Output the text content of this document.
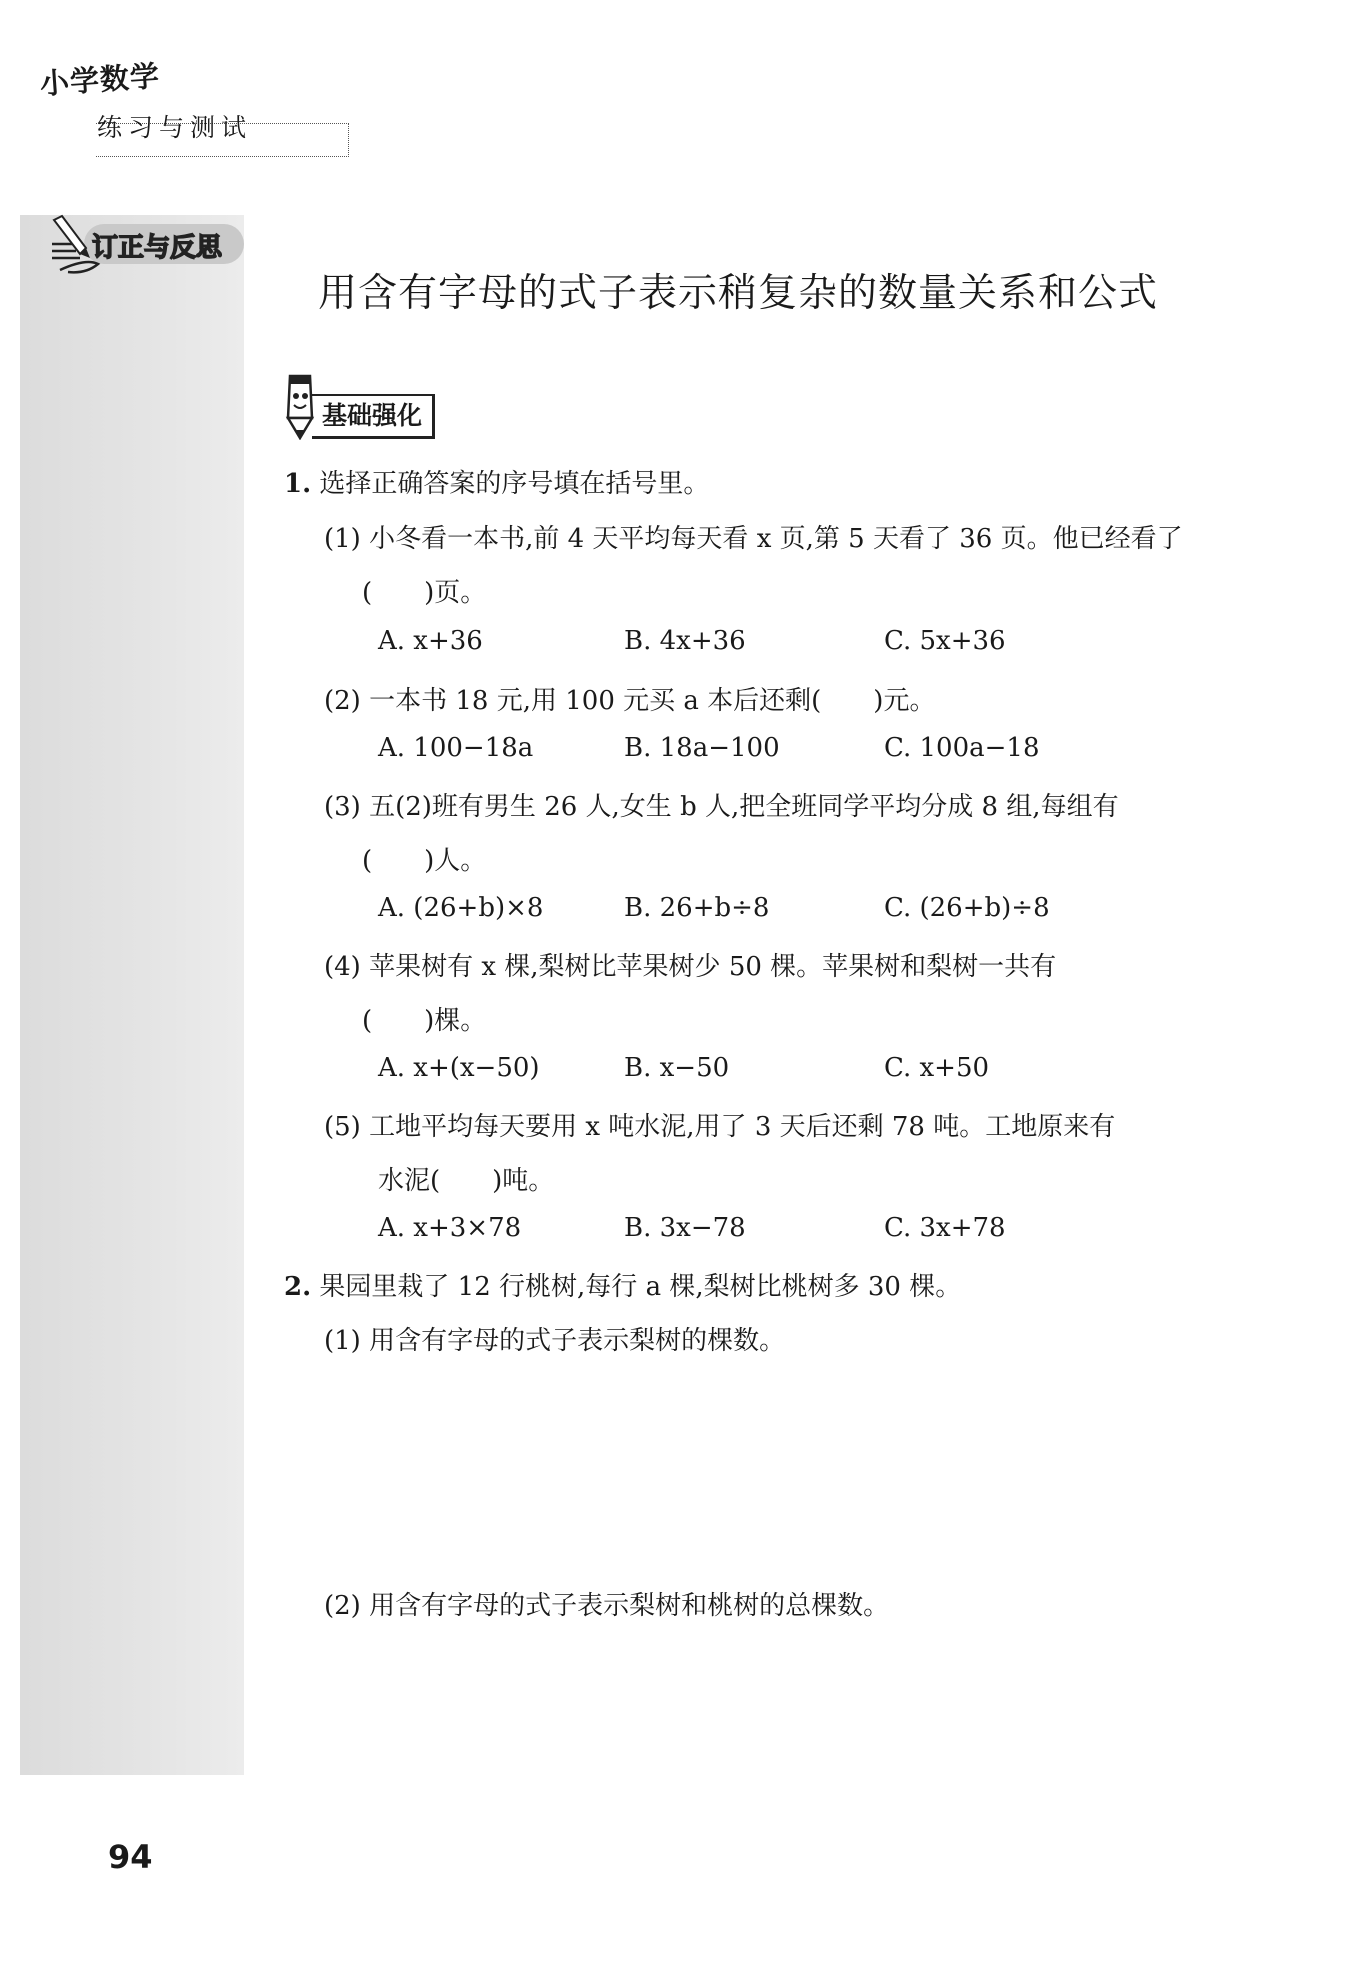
小学数学
练习与测试
订正与反思
用含有字母的式子表示稍复杂的数量关系和公式
基础强化
1. 选择正确答案的序号填在括号里。
(1) 小冬看一本书,前 4 天平均每天看 x 页,第 5 天看了 36 页。他已经看了
(　　)页。
A. x+36	B. 4x+36	C. 5x+36
(2) 一本书 18 元,用 100 元买 a 本后还剩(　　)元。
A. 100−18a	B. 18a−100	C. 100a−18
(3) 五(2)班有男生 26 人,女生 b 人,把全班同学平均分成 8 组,每组有
(　　)人。
A. (26+b)×8	B. 26+b÷8	C. (26+b)÷8
(4) 苹果树有 x 棵,梨树比苹果树少 50 棵。苹果树和梨树一共有
(　　)棵。
A. x+(x−50)	B. x−50	C. x+50
(5) 工地平均每天要用 x 吨水泥,用了 3 天后还剩 78 吨。工地原来有
水泥(　　)吨。
A. x+3×78	B. 3x−78	C. 3x+78
2. 果园里栽了 12 行桃树,每行 a 棵,梨树比桃树多 30 棵。
(1) 用含有字母的式子表示梨树的棵数。
(2) 用含有字母的式子表示梨树和桃树的总棵数。
94
